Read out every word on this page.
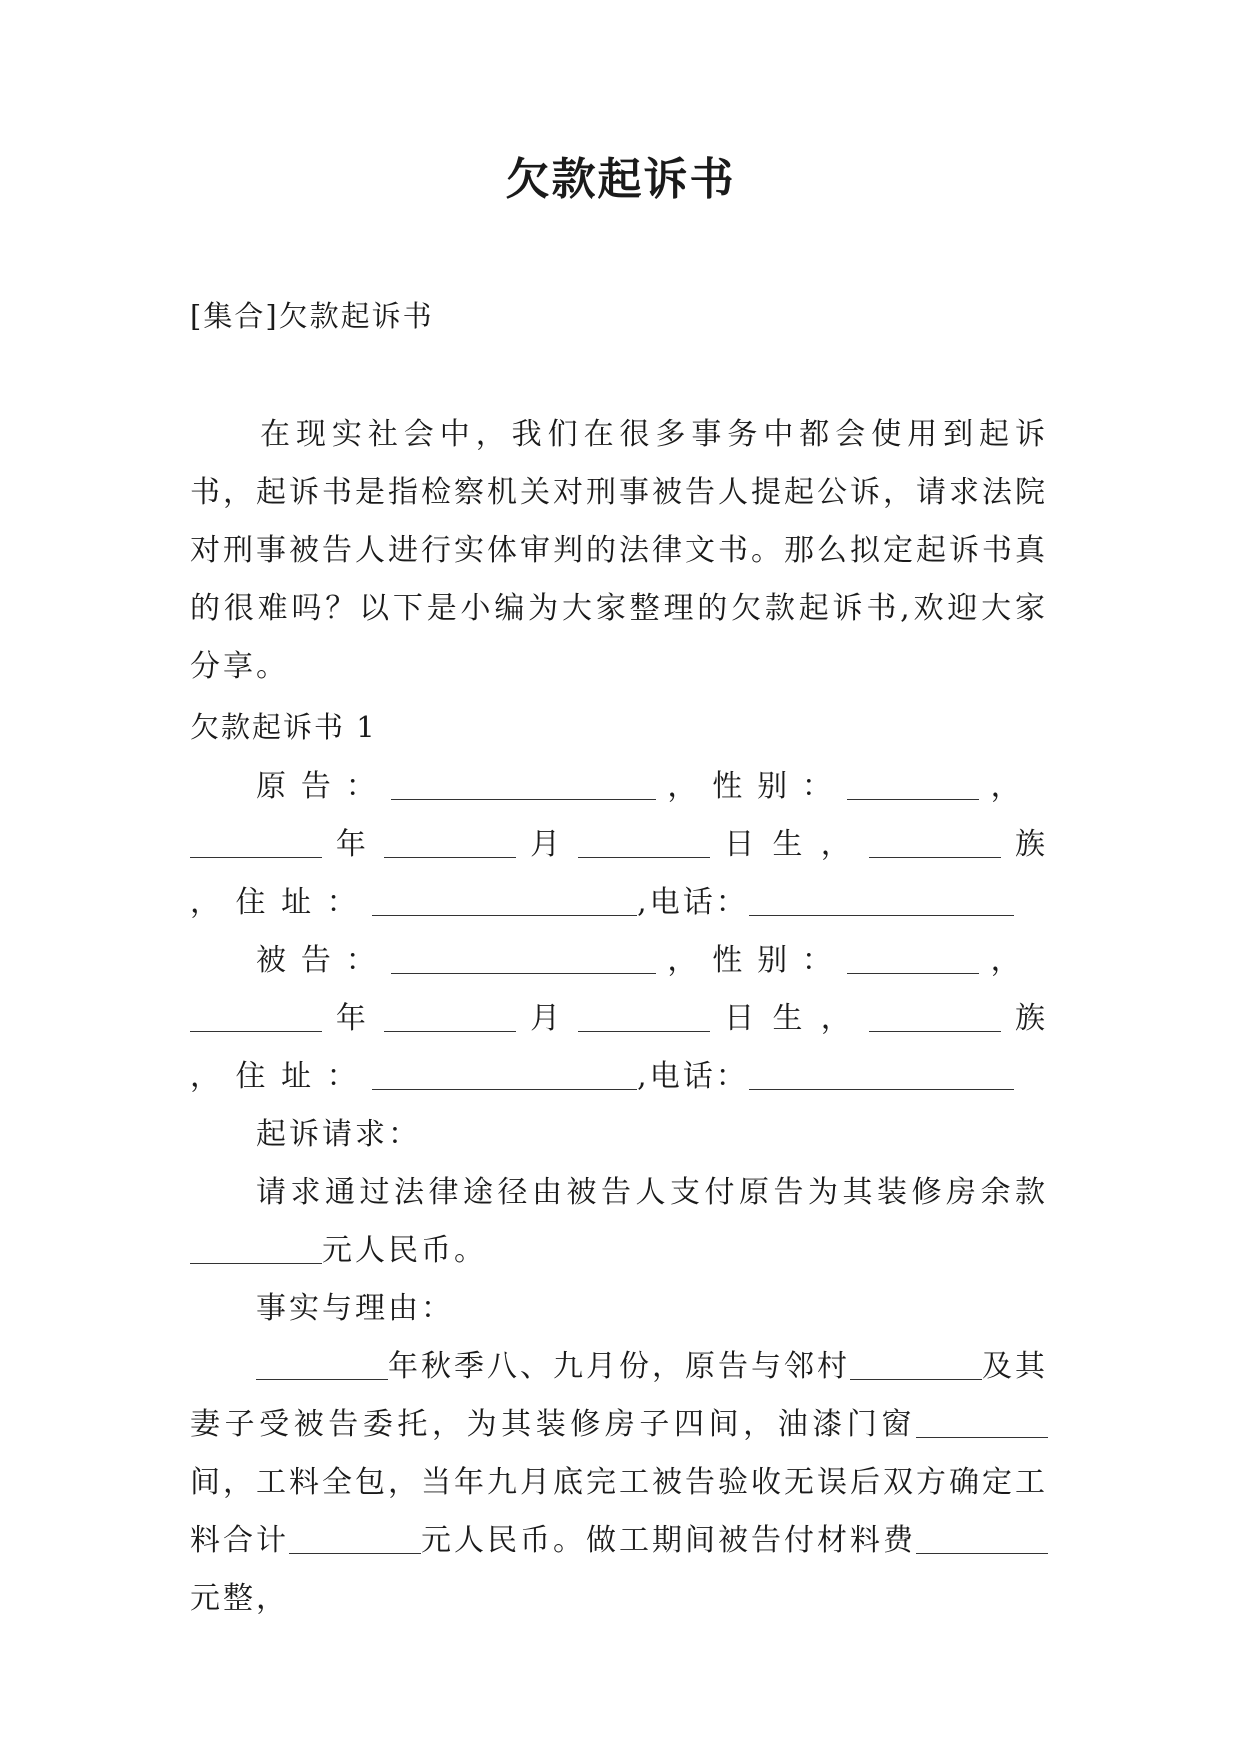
欠款起诉书
[集合]欠款起诉书
在现实社会中，我们在很多事务中都会使用到起诉书，起诉书是指检察机关对刑事被告人提起公诉，请求法院对刑事被告人进行实体审判的法律文书。那么拟定起诉书真的很难吗？以下是小编为大家整理的欠款起诉书,欢迎大家分享。
欠款起诉书 1

原告：	，性别：	，  年	月	日 生 ，	族 ， 住 址 ：	,电话：

被告：	，性别：	，  年	月	日 生 ，	族 ， 住 址 ：	,电话：

起诉请求：

请求通过法律途径由被告人支付原告为其装修房余款元人民币。

事实与理由：

年秋季八、九月份，原告与邻村	及其妻子受被告委托，为其装修房子四间，油漆门窗间，工料全包，当年九月底完工被告验收无误后双方确定工料合计	元人民币。做工期间被告付材料费元整，
